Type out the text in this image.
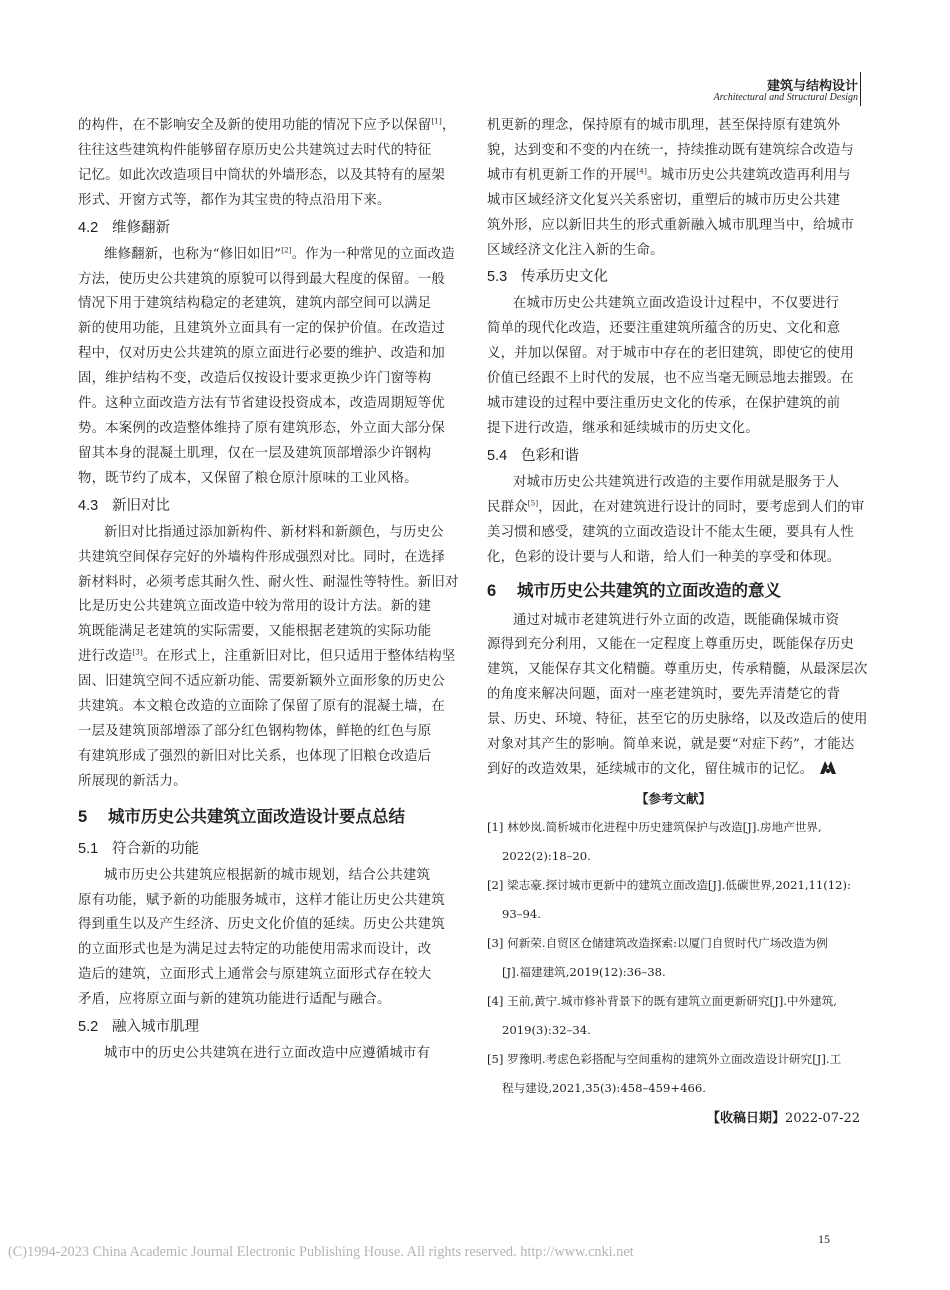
建筑与结构设计
Architectural and Structural Design
的构件，在不影响安全及新的使用功能的情况下应予以保留[1]，
往往这些建筑构件能够留存原历史公共建筑过去时代的特征
记忆。如此次改造项目中筒状的外墙形态，以及其特有的屋架
形式、开窗方式等，都作为其宝贵的特点沿用下来。
4.2 维修翻新
维修翻新，也称为“修旧如旧”[2]。作为一种常见的立面改造
方法，使历史公共建筑的原貌可以得到最大程度的保留。一般
情况下用于建筑结构稳定的老建筑，建筑内部空间可以满足
新的使用功能，且建筑外立面具有一定的保护价值。在改造过
程中，仅对历史公共建筑的原立面进行必要的维护、改造和加
固，维护结构不变，改造后仅按设计要求更换少许门窗等构
件。这种立面改造方法有节省建设投资成本，改造周期短等优
势。本案例的改造整体维持了原有建筑形态，外立面大部分保
留其本身的混凝土肌理，仅在一层及建筑顶部增添少许钢构
物，既节约了成本，又保留了粮仓原汁原味的工业风格。
4.3 新旧对比
新旧对比指通过添加新构件、新材料和新颜色，与历史公
共建筑空间保存完好的外墙构件形成强烈对比。同时，在选择
新材料时，必须考虑其耐久性、耐火性、耐湿性等特性。新旧对
比是历史公共建筑立面改造中较为常用的设计方法。新的建
筑既能满足老建筑的实际需要，又能根据老建筑的实际功能
进行改造[3]。在形式上，注重新旧对比，但只适用于整体结构坚
固、旧建筑空间不适应新功能、需要新颖外立面形象的历史公
共建筑。本文粮仓改造的立面除了保留了原有的混凝土墙，在
一层及建筑顶部增添了部分红色钢构物体，鲜艳的红色与原
有建筑形成了强烈的新旧对比关系，也体现了旧粮仓改造后
所展现的新活力。
5 城市历史公共建筑立面改造设计要点总结
5.1 符合新的功能
城市历史公共建筑应根据新的城市规划，结合公共建筑
原有功能，赋予新的功能服务城市，这样才能让历史公共建筑
得到重生以及产生经济、历史文化价值的延续。历史公共建筑
的立面形式也是为满足过去特定的功能使用需求而设计，改
造后的建筑，立面形式上通常会与原建筑立面形式存在较大
矛盾，应将原立面与新的建筑功能进行适配与融合。
5.2 融入城市肌理
城市中的历史公共建筑在进行立面改造中应遵循城市有
机更新的理念，保持原有的城市肌理，甚至保持原有建筑外
貌，达到变和不变的内在统一，持续推动既有建筑综合改造与
城市有机更新工作的开展[4]。城市历史公共建筑改造再利用与
城市区域经济文化复兴关系密切，重塑后的城市历史公共建
筑外形，应以新旧共生的形式重新融入城市肌理当中，给城市
区域经济文化注入新的生命。
5.3 传承历史文化
在城市历史公共建筑立面改造设计过程中，不仅要进行
简单的现代化改造，还要注重建筑所蕴含的历史、文化和意
义，并加以保留。对于城市中存在的老旧建筑，即使它的使用
价值已经跟不上时代的发展，也不应当毫无顾忌地去摧毁。在
城市建设的过程中要注重历史文化的传承，在保护建筑的前
提下进行改造，继承和延续城市的历史文化。
5.4 色彩和谐
对城市历史公共建筑进行改造的主要作用就是服务于人
民群众[5]，因此，在对建筑进行设计的同时，要考虑到人们的审
美习惯和感受，建筑的立面改造设计不能太生硬，要具有人性
化，色彩的设计要与人和谐，给人们一种美的享受和体现。
6 城市历史公共建筑的立面改造的意义
通过对城市老建筑进行外立面的改造，既能确保城市资
源得到充分利用，又能在一定程度上尊重历史，既能保存历史
建筑，又能保存其文化精髓。尊重历史，传承精髓，从最深层次
的角度来解决问题，面对一座老建筑时，要先弄清楚它的背
景、历史、环境、特征，甚至它的历史脉络，以及改造后的使用
对象对其产生的影响。简单来说，就是要“对症下药”，才能达
到好的改造效果，延续城市的文化，留住城市的记忆。
【参考文献】
[1] 林妙岚.简析城市化进程中历史建筑保护与改造[J].房地产世界,
2022(2):18–20.
[2] 梁志豪.探讨城市更新中的建筑立面改造[J].低碳世界,2021,11(12):
93–94.
[3] 何新荣.自贸区仓储建筑改造探索:以厦门自贸时代广场改造为例
[J].福建建筑,2019(12):36–38.
[4] 王前,黄宁.城市修补背景下的既有建筑立面更新研究[J].中外建筑,
2019(3):32–34.
[5] 罗豫明.考虑色彩搭配与空间重构的建筑外立面改造设计研究[J].工
程与建设,2021,35(3):458–459+466.
【收稿日期】2022-07-22
15
(C)1994-2023 China Academic Journal Electronic Publishing House. All rights reserved. http://www.cnki.net
